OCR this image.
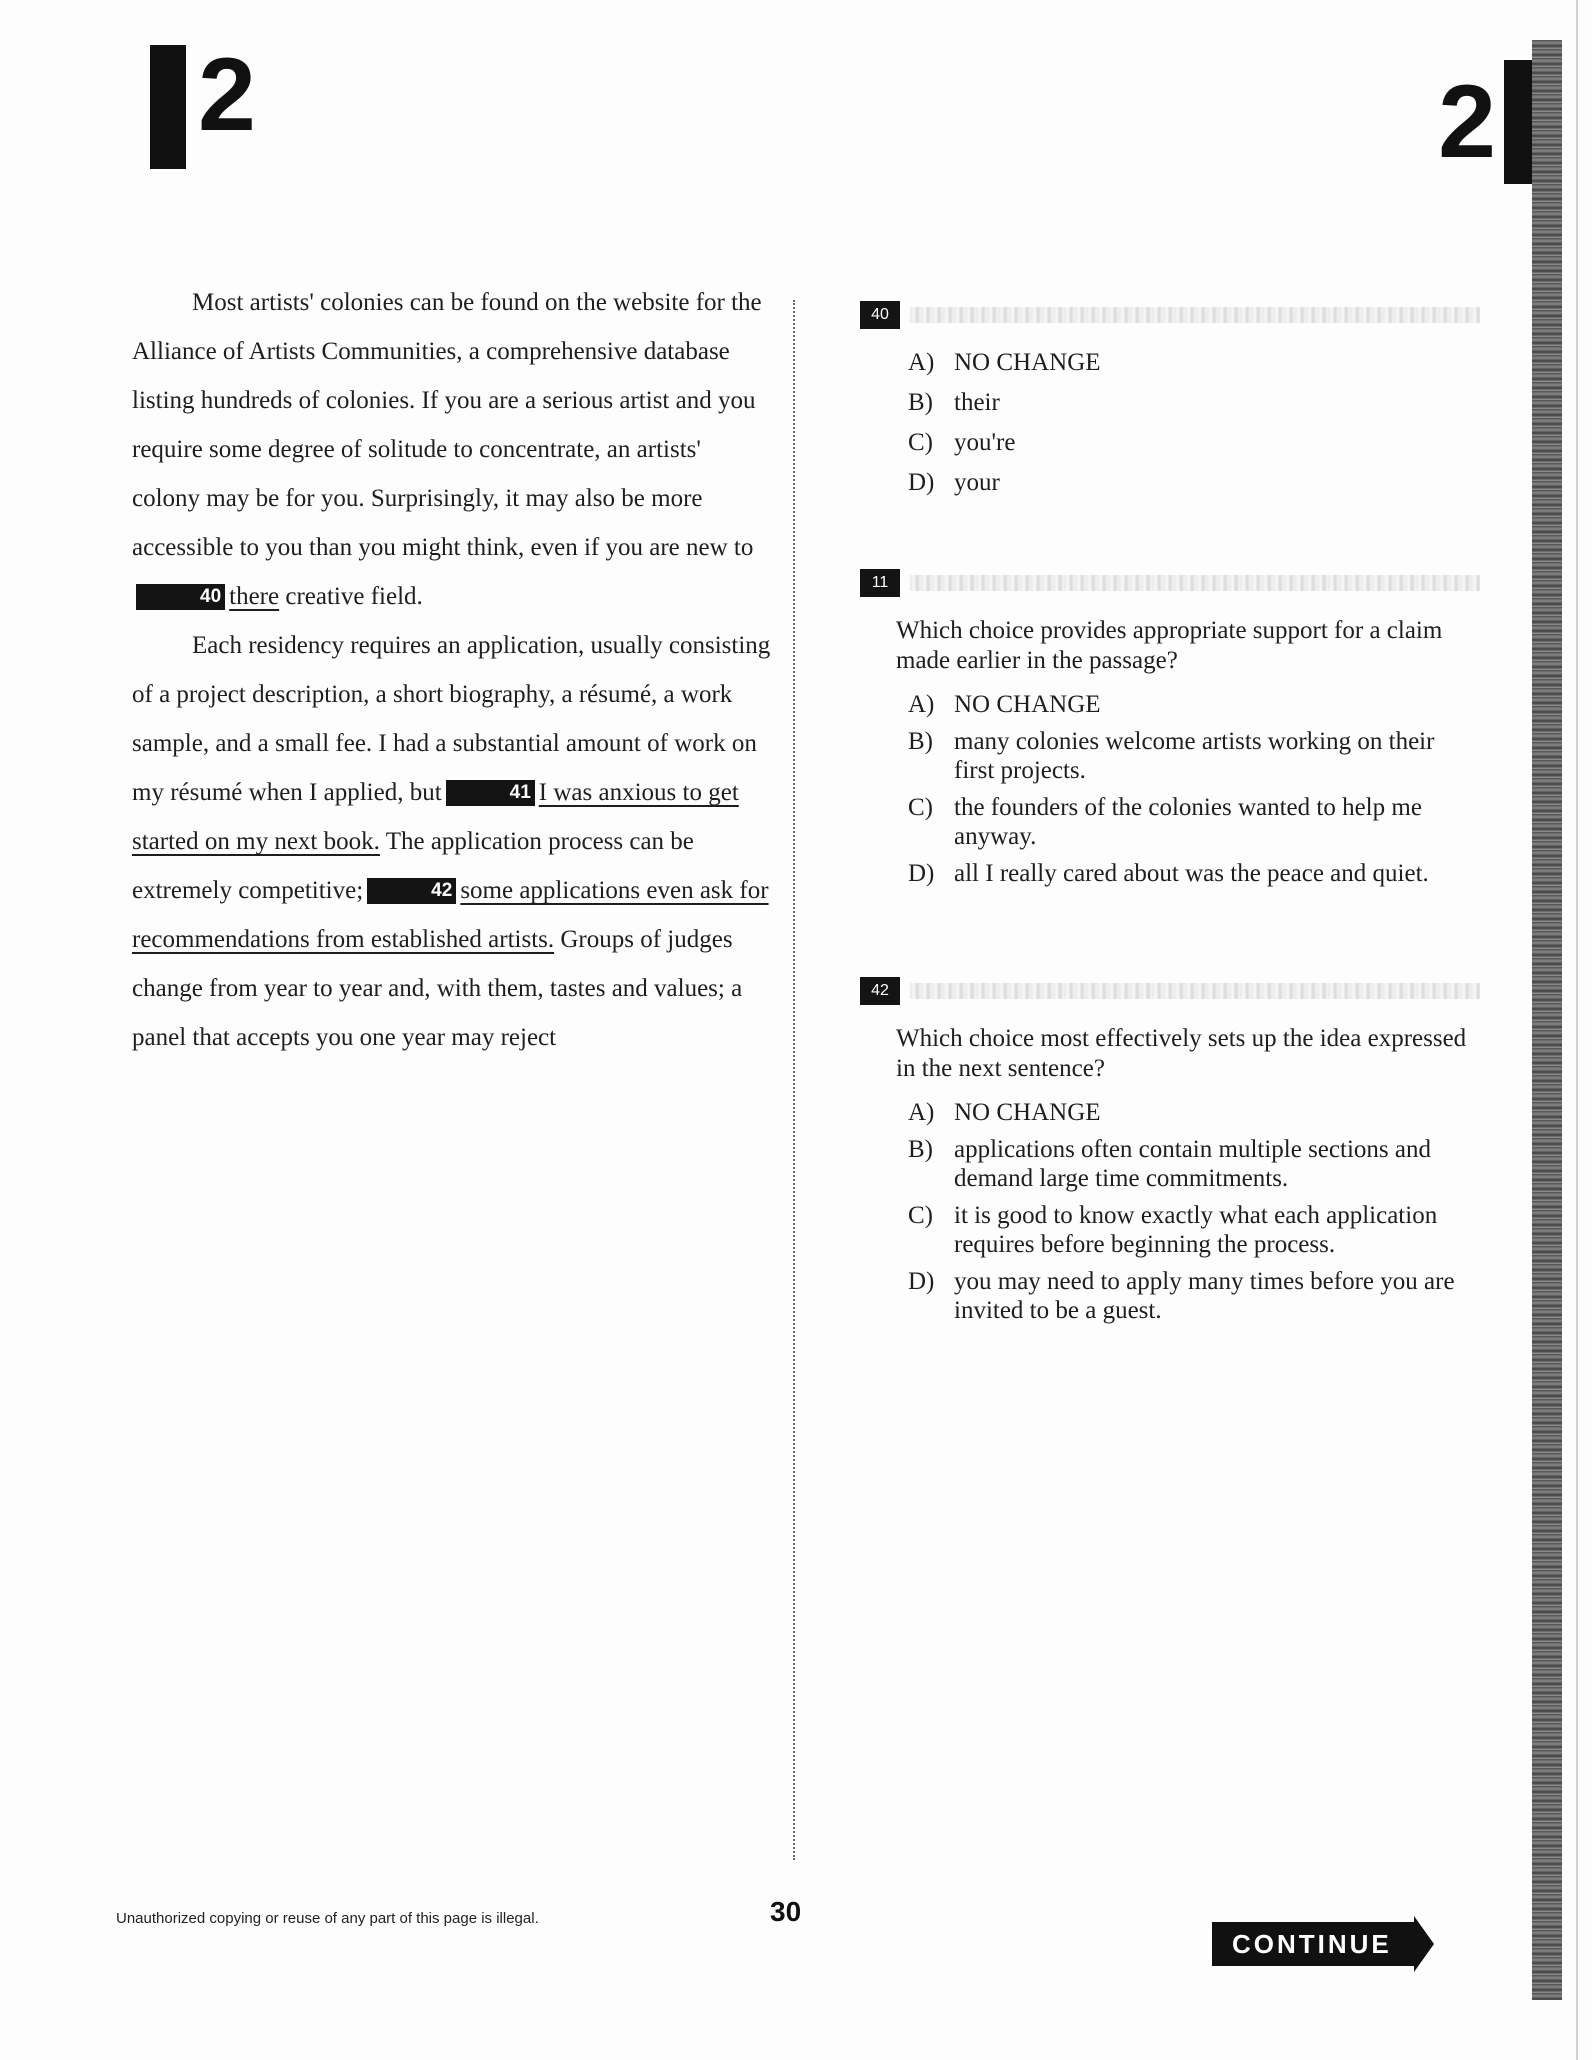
2	2

Most artists' colonies can be found on the website for the Alliance of Artists Communities, a comprehensive database listing hundreds of colonies. If you are a serious artist and you require some degree of solitude to concentrate, an artists' colony may be for you. Surprisingly, it may also be more accessible to you than you might think, even if you are new to40 there creative field.

Each residency requires an application, usually consisting of a project description, a short biography, a résumé, a work sample, and a small fee. I had a substantial amount of work on my résumé when I applied, but	41 I was anxious to get started on my next book. The application process can be extremely competitive;	42 some applications even ask for recommendations from established artists. Groups of judges change from year to year and, with them, tastes and values; a panel that accepts you one year may reject

40
A) NO CHANGE
B) their
C) you're
D) your
11
Which choice provides appropriate support for a claim made earlier in the passage?
A) NO CHANGE
B) many colonies welcome artists working on their first projects.
C) the founders of the colonies wanted to help me anyway.
D) all I really cared about was the peace and quiet.
42
Which choice most effectively sets up the idea expressed in the next sentence?
A) NO CHANGE
B) applications often contain multiple sections and demand large time commitments.
C) it is good to know exactly what each application requires before beginning the process.
D) you may need to apply many times before you are invited to be a guest.
Unauthorized copying or reuse of any part of this page is illegal.	30
CONTINUE
